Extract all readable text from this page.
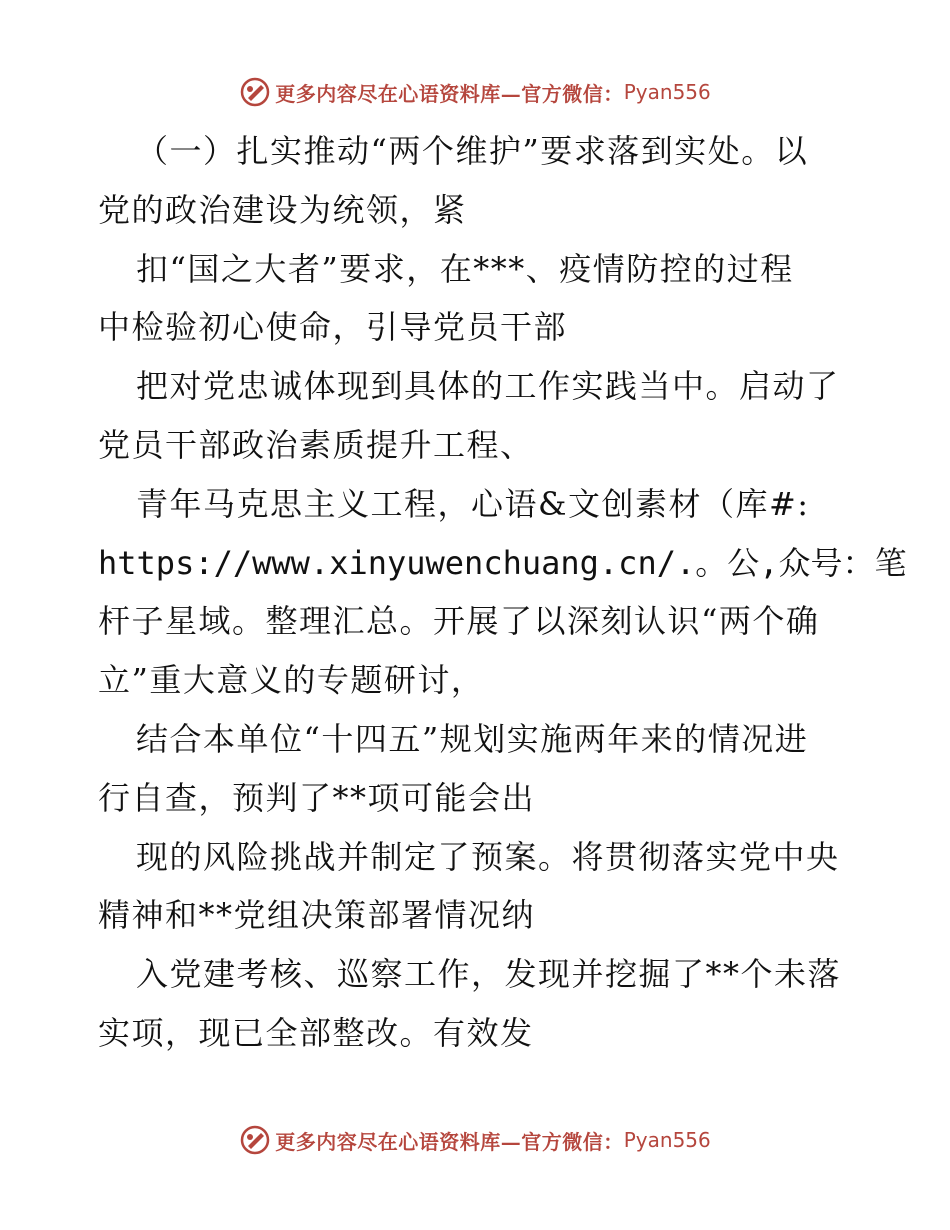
更多内容尽在心语资料库—官方微信： Pyan556
（一）扎实推动“两个维护”要求落到实处。以
党的政治建设为统领，紧
扣“国之大者”要求，在***、疫情防控的过程
中检验初心使命，引导党员干部
把对党忠诚体现到具体的工作实践当中。启动了
党员干部政治素质提升工程、
青年马克思主义工程，心语&文创素材（库#:
https://www.xinyuwenchuang.cn/.。公,众号：笔
杆子星域。整理汇总。开展了以深刻认识“两个确
立”重大意义的专题研讨，
结合本单位“十四五”规划实施两年来的情况进
行自查，预判了**项可能会出
现的风险挑战并制定了预案。将贯彻落实党中央
精神和**党组决策部署情况纳
入党建考核、巡察工作，发现并挖掘了**个未落
实项，现已全部整改。有效发
更多内容尽在心语资料库—官方微信： Pyan556
